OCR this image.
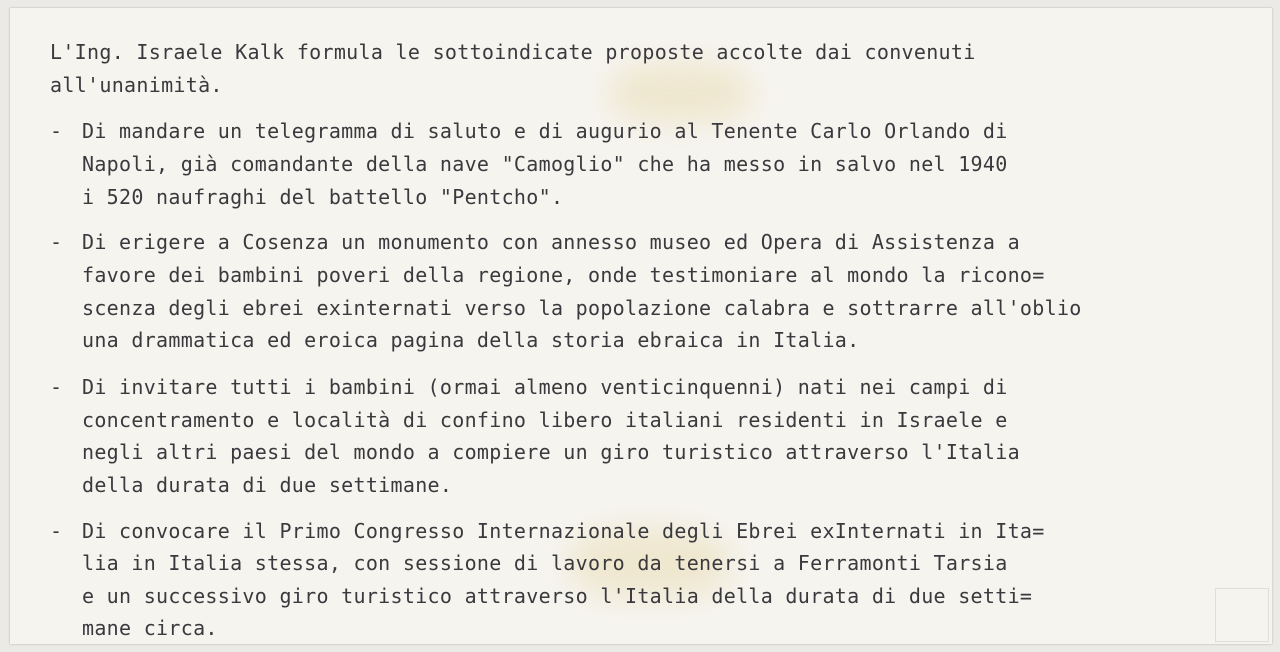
L'Ing. Israele Kalk formula le sottoindicate proposte accolte dai convenuti
all'unanimità.
- Di mandare un telegramma di saluto e di augurio al Tenente Carlo Orlando di
Napoli, già comandante della nave "Camoglio" che ha messo in salvo nel 1940
i 520 naufraghi del battello "Pentcho".
- Di erigere a Cosenza un monumento con annesso museo ed Opera di Assistenza a
favore dei bambini poveri della regione, onde testimoniare al mondo la ricono=
scenza degli ebrei exinternati verso la popolazione calabra e sottrarre all'oblio
una drammatica ed eroica pagina della storia ebraica in Italia.
- Di invitare tutti i bambini (ormai almeno venticinquenni) nati nei campi di
concentramento e località di confino libero italiani residenti in Israele e
negli altri paesi del mondo a compiere un giro turistico attraverso l'Italia
della durata di due settimane.
- Di convocare il Primo Congresso Internazionale degli Ebrei exInternati in Ita=
lia in Italia stessa, con sessione di lavoro da tenersi a Ferramonti Tarsia
e un successivo giro turistico attraverso l'Italia della durata di due setti=
mane circa.
